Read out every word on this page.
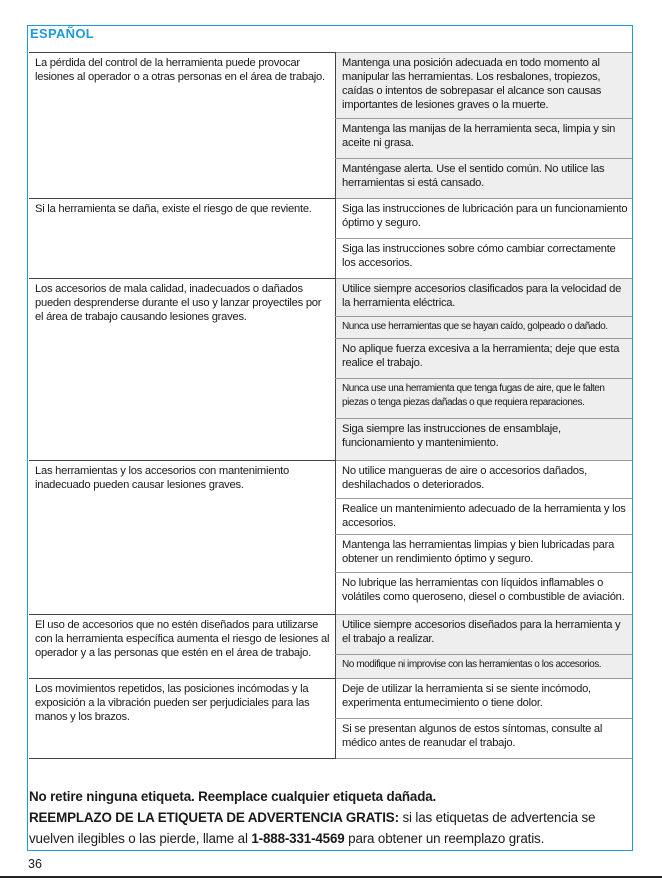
ESPAÑOL
La pérdida del control de la herramienta puede provocar lesiones al operador o a otras personas en el área de trabajo.	Mantenga una posición adecuada en todo momento al manipular las herramientas. Los resbalones, tropiezos, caídas o intentos de sobrepasar el alcance son causas importantes de lesiones graves o la muerte.
	Mantenga las manijas de la herramienta seca, limpia y sin aceite ni grasa.
	Manténgase alerta. Use el sentido común. No utilice las herramientas si está cansado.
Si la herramienta se daña, existe el riesgo de que reviente.	Siga las instrucciones de lubricación para un funcionamiento óptimo y seguro.
	Siga las instrucciones sobre cómo cambiar correctamente los accesorios.
Los accesorios de mala calidad, inadecuados o dañados pueden desprenderse durante el uso y lanzar proyectiles por el área de trabajo causando lesiones graves.	Utilice siempre accesorios clasificados para la velocidad de la herramienta eléctrica.
	Nunca use herramientas que se hayan caído, golpeado o dañado.
	No aplique fuerza excesiva a la herramienta; deje que esta realice el trabajo.
	Nunca use una herramienta que tenga fugas de aire, que le falten piezas o tenga piezas dañadas o que requiera reparaciones.
	Siga siempre las instrucciones de ensamblaje, funcionamiento y mantenimiento.
Las herramientas y los accesorios con mantenimiento inadecuado pueden causar lesiones graves.	No utilice mangueras de aire o accesorios dañados, deshilachados o deteriorados.
	Realice un mantenimiento adecuado de la herramienta y los accesorios.
	Mantenga las herramientas limpias y bien lubricadas para obtener un rendimiento óptimo y seguro.
	No lubrique las herramientas con líquidos inflamables o volátiles como queroseno, diesel o combustible de aviación.
El uso de accesorios que no estén diseñados para utilizarse con la herramienta específica aumenta el riesgo de lesiones al operador y a las personas que estén en el área de trabajo.	Utilice siempre accesorios diseñados para la herramienta y el trabajo a realizar.
	No modifique ni improvise con las herramientas o los accesorios.
Los movimientos repetidos, las posiciones incómodas y la exposición a la vibración pueden ser perjudiciales para las manos y los brazos.	Deje de utilizar la herramienta si se siente incómodo, experimenta entumecimiento o tiene dolor.
	Si se presentan algunos de estos síntomas, consulte al médico antes de reanudar el trabajo.
No retire ninguna etiqueta. Reemplace cualquier etiqueta dañada.
REEMPLAZO DE LA ETIQUETA DE ADVERTENCIA GRATIS: si las etiquetas de advertencia se vuelven ilegibles o las pierde, llame al 1-888-331-4569 para obtener un reemplazo gratis.
36
